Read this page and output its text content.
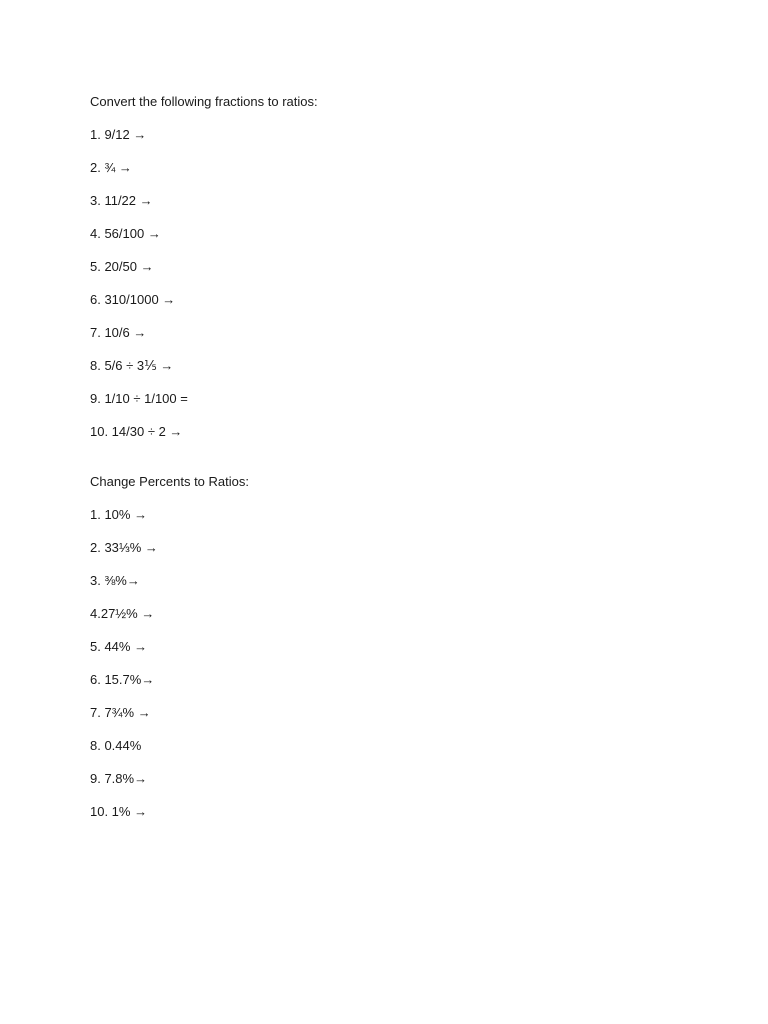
Convert the following fractions to ratios:

1. 9/12 →
2. ¾ →
3. 11/22 →
4. 56/100 →
5. 20/50 →
6. 310/1000 →
7. 10/6 →
8. 5/6 ÷ 3⅕ →
9. 1/10 ÷ 1/100 =
10. 14/30 ÷ 2 →

Change Percents to Ratios:

1. 10% →
2. 33⅓% →
3. ⅜%→
4.27½% →
5. 44% →
6. 15.7%→
7. 7¾% →
8. 0.44%
9. 7.8%→
10. 1% →
